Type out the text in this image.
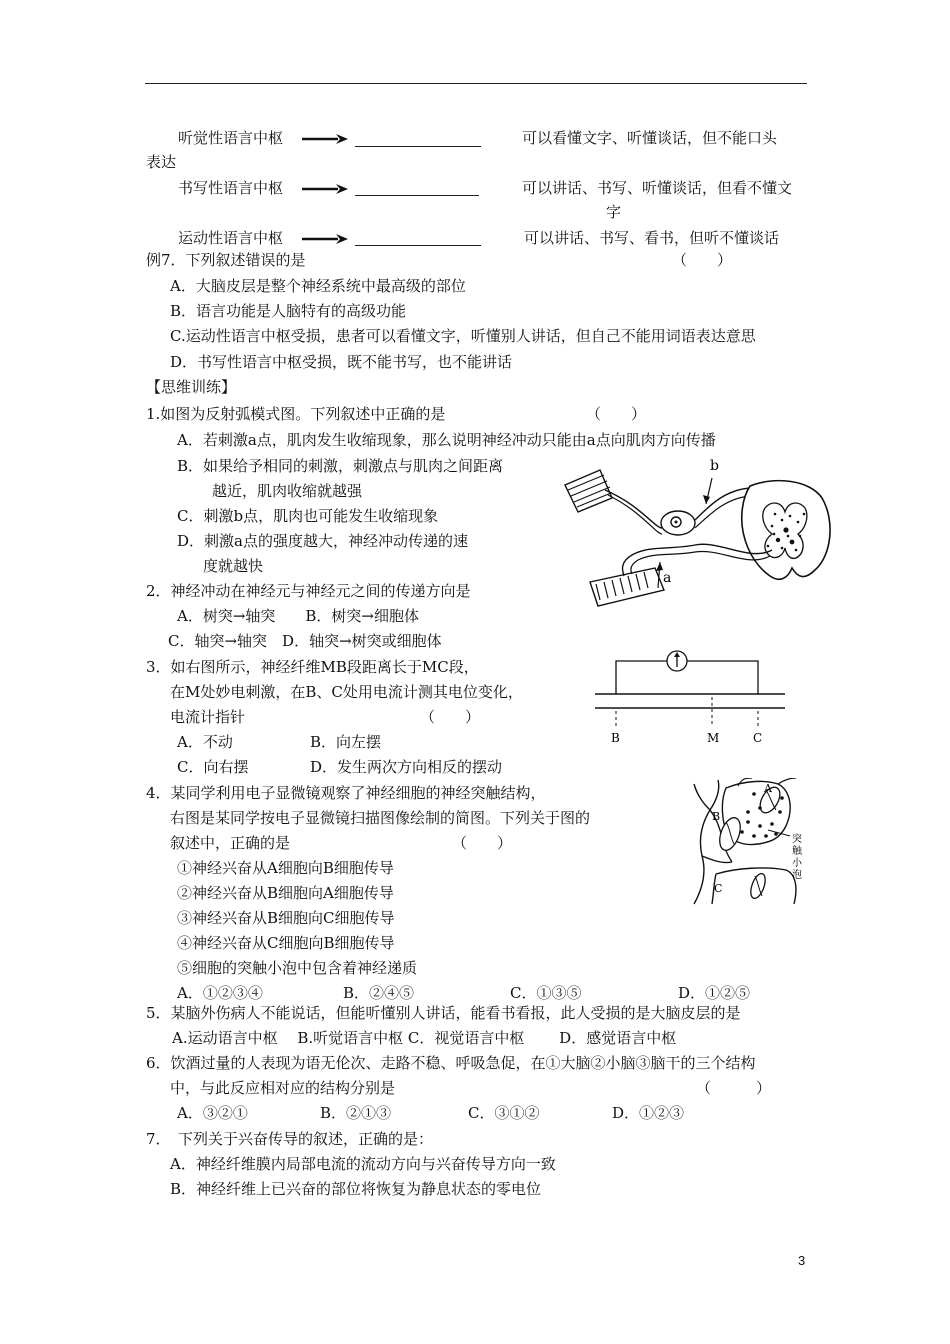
听觉性语言中枢	可以看懂文字、听懂谈话，但不能口头
表达
书写性语言中枢	可以讲话、书写、听懂谈话，但看不懂文
字
运动性语言中枢	可以讲话、书写、看书，但听不懂谈话
例7．下列叙述错误的是	（　　）
A．大脑皮层是整个神经系统中最高级的部位
B．语言功能是人脑特有的高级功能
C.运动性语言中枢受损，患者可以看懂文字，听懂别人讲话，但自己不能用词语表达意思
D．书写性语言中枢受损，既不能书写，也不能讲话
【思维训练】
1.如图为反射弧模式图。下列叙述中正确的是	（　　）
A．若刺激a点，肌肉发生收缩现象，那么说明神经冲动只能由a点向肌肉方向传播
B．如果给予相同的刺激，刺激点与肌肉之间距离
越近，肌肉收缩就越强
C．刺激b点，肌肉也可能发生收缩现象
D．刺激a点的强度越大，神经冲动传递的速
度就越快
b
a
2．神经冲动在神经元与神经元之间的传递方向是
A．树突→轴突　　B．树突→细胞体
C．轴突→轴突　D．轴突→树突或细胞体
3．如右图所示，神经纤维MB段距离长于MC段，
在M处妙电刺激，在B、C处用电流计测其电位变化，
电流计指针	（　　）
A．不动	B．向左摆
C．向右摆	D．发生两次方向相反的摆动
B	M	C
4．某同学利用电子显微镜观察了神经细胞的神经突触结构，
右图是某同学按电子显微镜扫描图像绘制的简图。下列关于图的
叙述中，正确的是	（　　）
①神经兴奋从A细胞向B细胞传导
②神经兴奋从B细胞向A细胞传导
③神经兴奋从B细胞向C细胞传导
④神经兴奋从C细胞向B细胞传导
⑤细胞的突触小泡中包含着神经递质
A．①②③④	B．②④⑤	C．①③⑤	D．①②⑤
A
B
C
突
触
小
泡
5．某脑外伤病人不能说话，但能听懂别人讲话，能看书看报，此人受损的是大脑皮层的是
A.运动语言中枢　 B.听觉语言中枢 C．视觉语言中枢　　 D．感觉语言中枢
6．饮酒过量的人表现为语无伦次、走路不稳、呼吸急促，在①大脑②小脑③脑干的三个结构
中，与此反应相对应的结构分别是	（　　　）
A．③②①	B．②①③	C．③①②	D．①②③
7．　下列关于兴奋传导的叙述，正确的是：
A．神经纤维膜内局部电流的流动方向与兴奋传导方向一致
B．神经纤维上已兴奋的部位将恢复为静息状态的零电位
3
